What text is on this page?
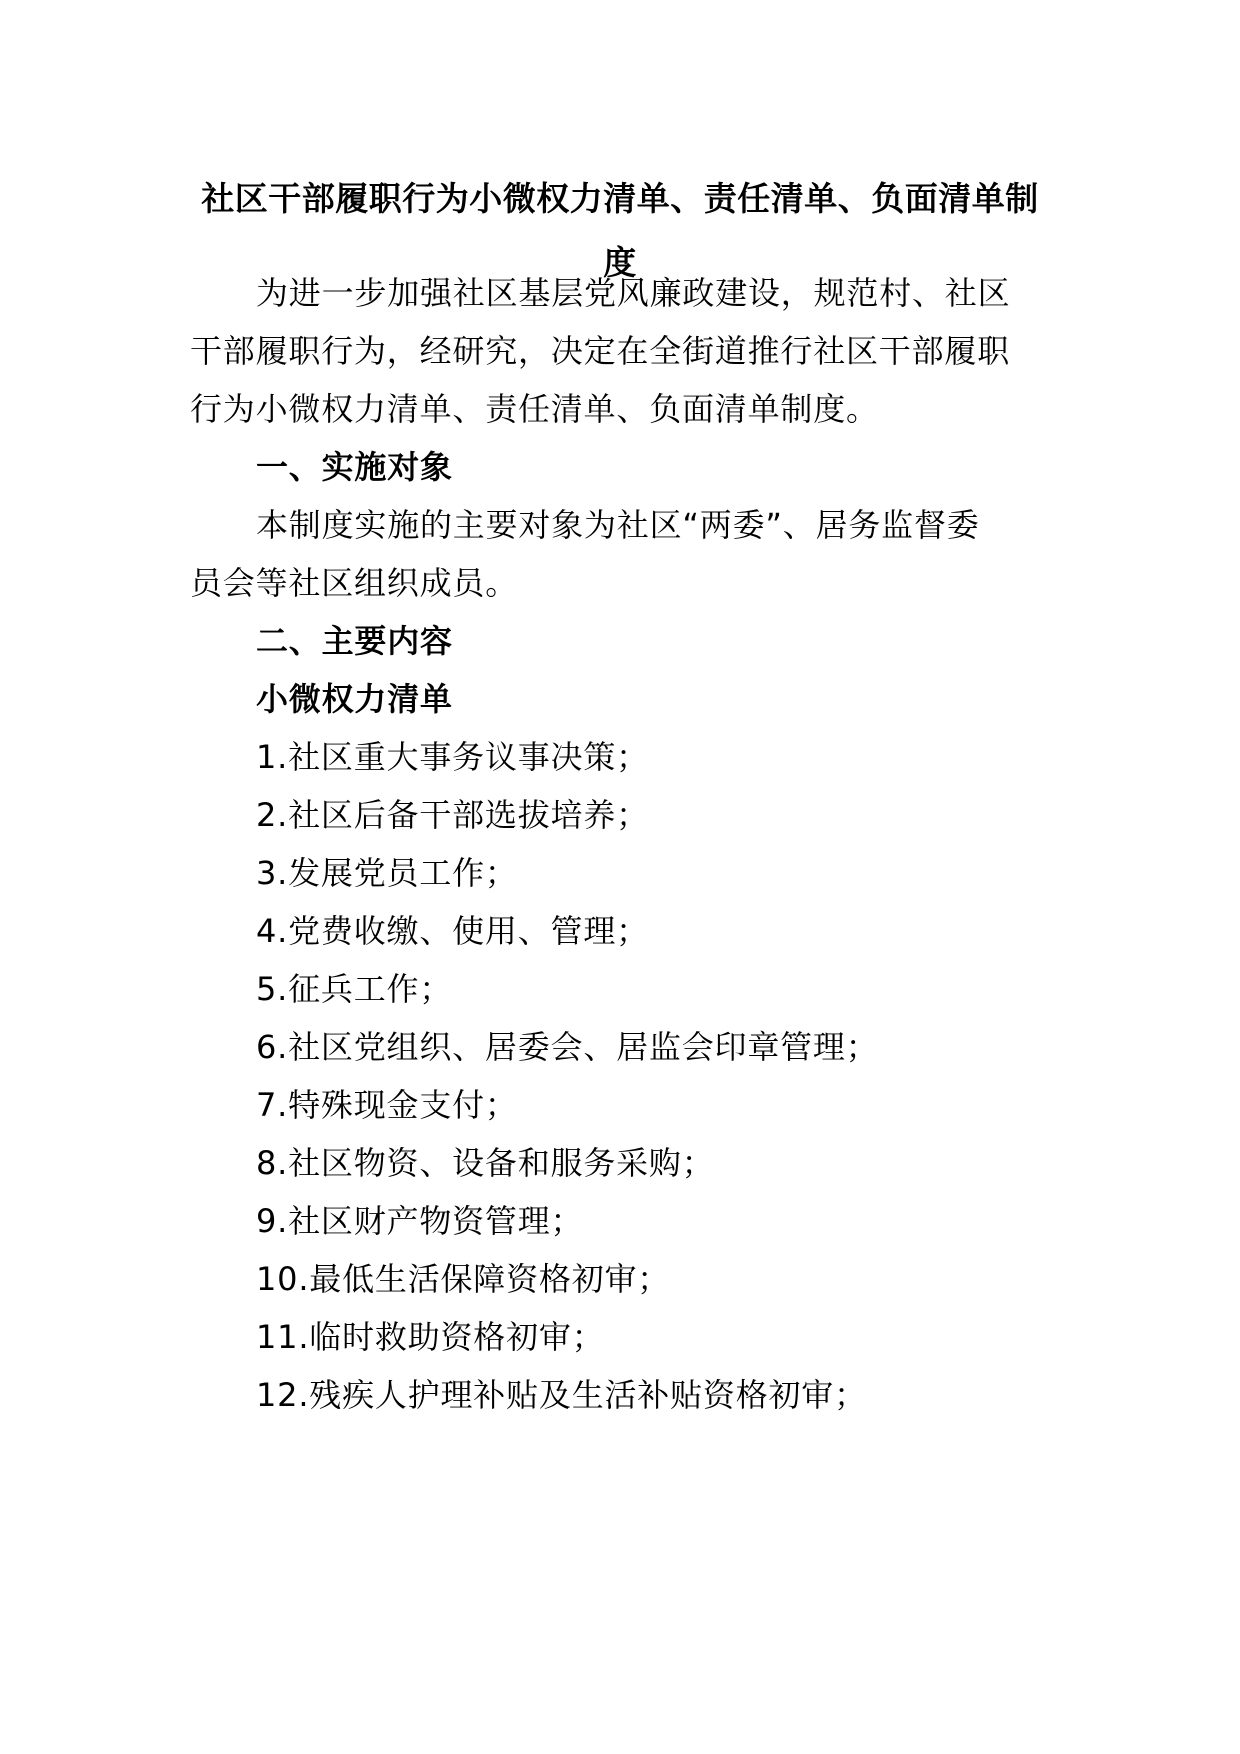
社区干部履职行为小微权力清单、责任清单、负面清单制度

为进一步加强社区基层党风廉政建设，规范村、社区

干部履职行为，经研究，决定在全街道推行社区干部履职

行为小微权力清单、责任清单、负面清单制度。

一、实施对象

本制度实施的主要对象为社区“两委”、居务监督委

员会等社区组织成员。

二、主要内容

小微权力清单

1.社区重大事务议事决策；

2.社区后备干部选拔培养；

3.发展党员工作；

4.党费收缴、使用、管理；

5.征兵工作；

6.社区党组织、居委会、居监会印章管理；

7.特殊现金支付；

8.社区物资、设备和服务采购；

9.社区财产物资管理；

10.最低生活保障资格初审；

11.临时救助资格初审；

12.残疾人护理补贴及生活补贴资格初审；
